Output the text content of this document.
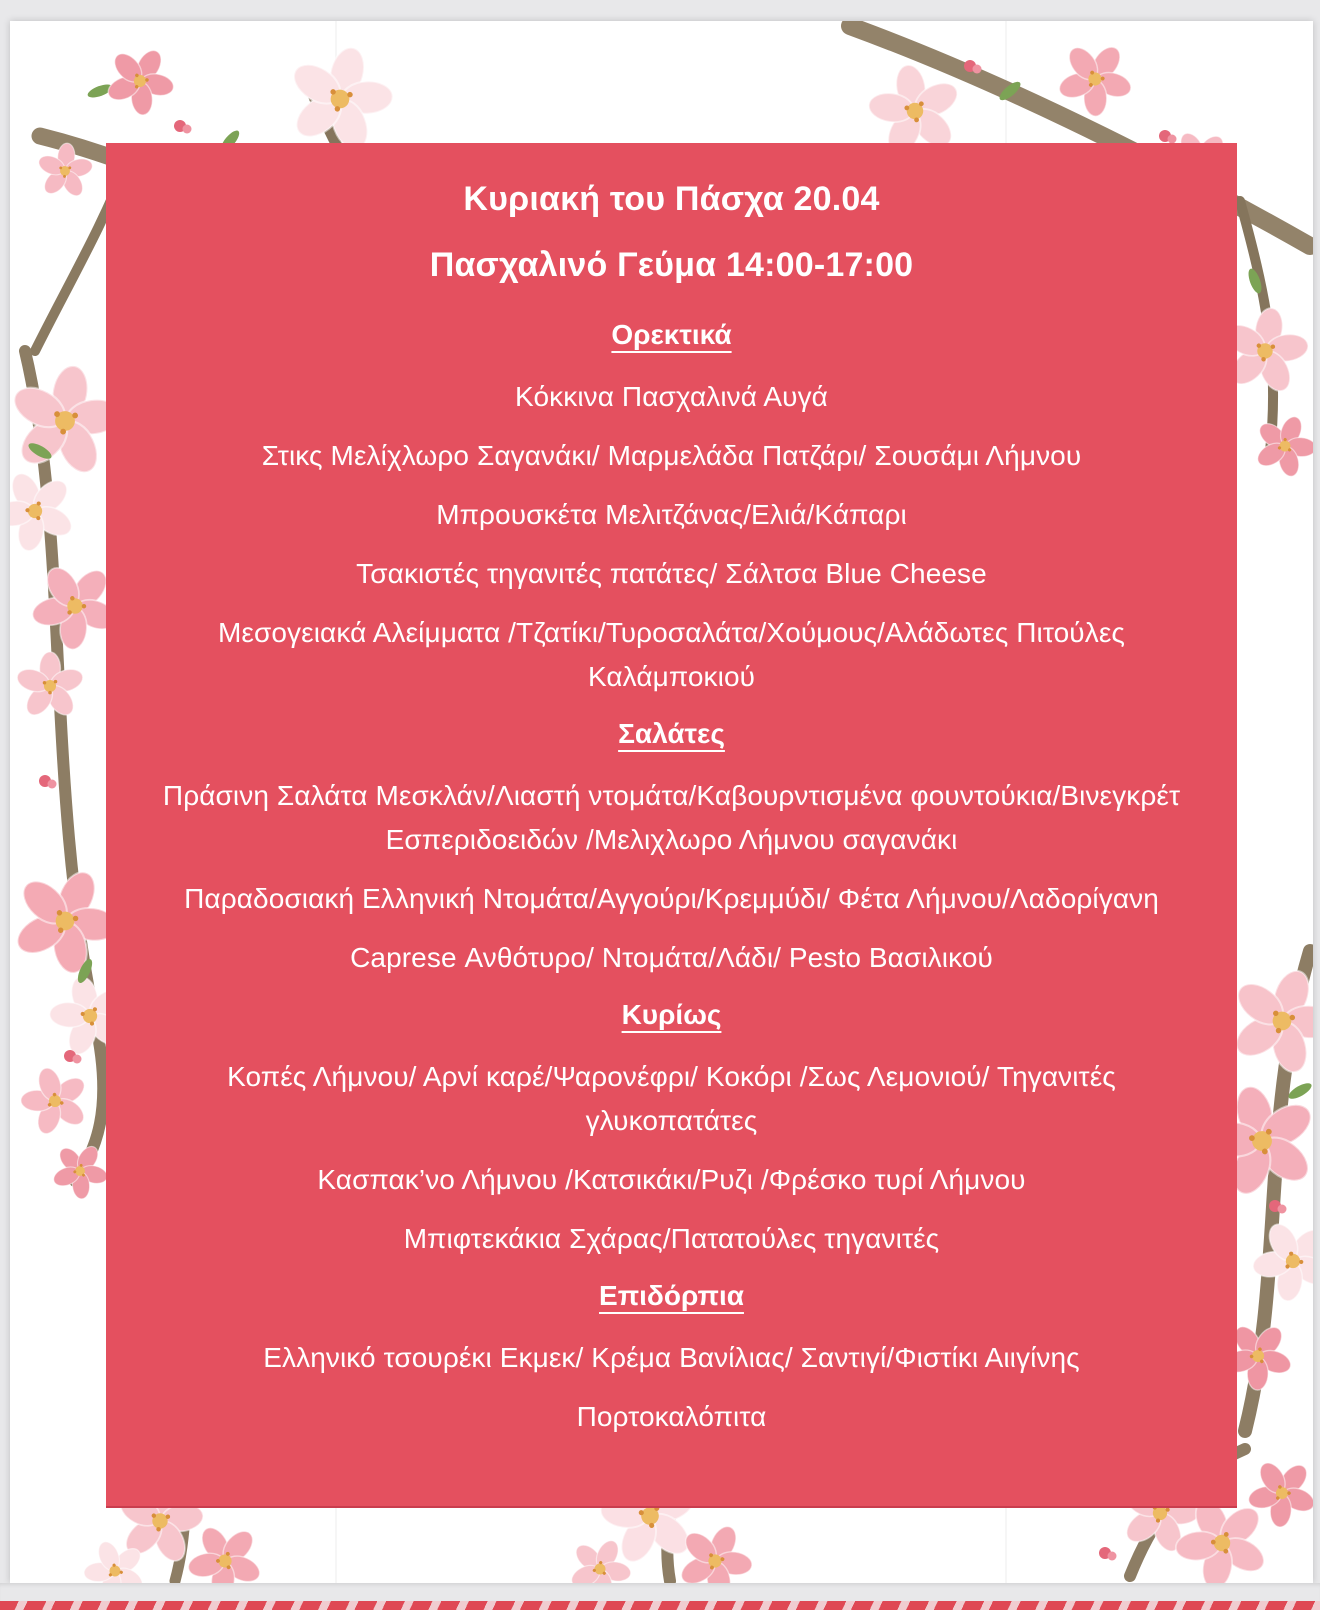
Κυριακή του Πάσχα 20.04
Πασχαλινό Γεύμα 14:00-17:00
Ορεκτικά

Κόκκινα Πασχαλινά Αυγά

Στικς Μελίχλωρο Σαγανάκι/ Μαρμελάδα Πατζάρι/ Σουσάμι Λήμνου

Μπρουσκέτα Μελιτζάνας/Ελιά/Κάπαρι

Τσακιστές τηγανιτές πατάτες/ Σάλτσα Blue Cheese

Μεσογειακά Αλείμματα /Τζατίκι/Τυροσαλάτα/Χούμους/Αλάδωτες Πιτούλες Καλάμποκιού

Σαλάτες

Πράσινη Σαλάτα Μεσκλάν/Λιαστή ντομάτα/Καβουρντισμένα φουντούκια/Βινεγκρέτ Εσπεριδοειδών /Μελιχλωρο Λήμνου σαγανάκι

Παραδοσιακή Ελληνική Ντομάτα/Αγγούρι/Κρεμμύδι/ Φέτα Λήμνου/Λαδορίγανη

Caprese Ανθότυρο/ Ντομάτα/Λάδι/ Pesto Βασιλικού

Κυρίως

Κοπές Λήμνου/ Αρνί καρέ/Ψαρονέφρι/ Κοκόρι /Σως Λεμονιού/ Τηγανιτές γλυκοπατάτες

Κασπακ’νο Λήμνου /Κατσικάκι/Ρυζι /Φρέσκο τυρί Λήμνου

Μπιφτεκάκια Σχάρας/Πατατούλες τηγανιτές

Επιδόρπια

Ελληνικό τσουρέκι Εκμεκ/ Κρέμα Βανίλιας/ Σαντιγί/Φιστίκι Αιιγίνης

Πορτοκαλόπιτα
